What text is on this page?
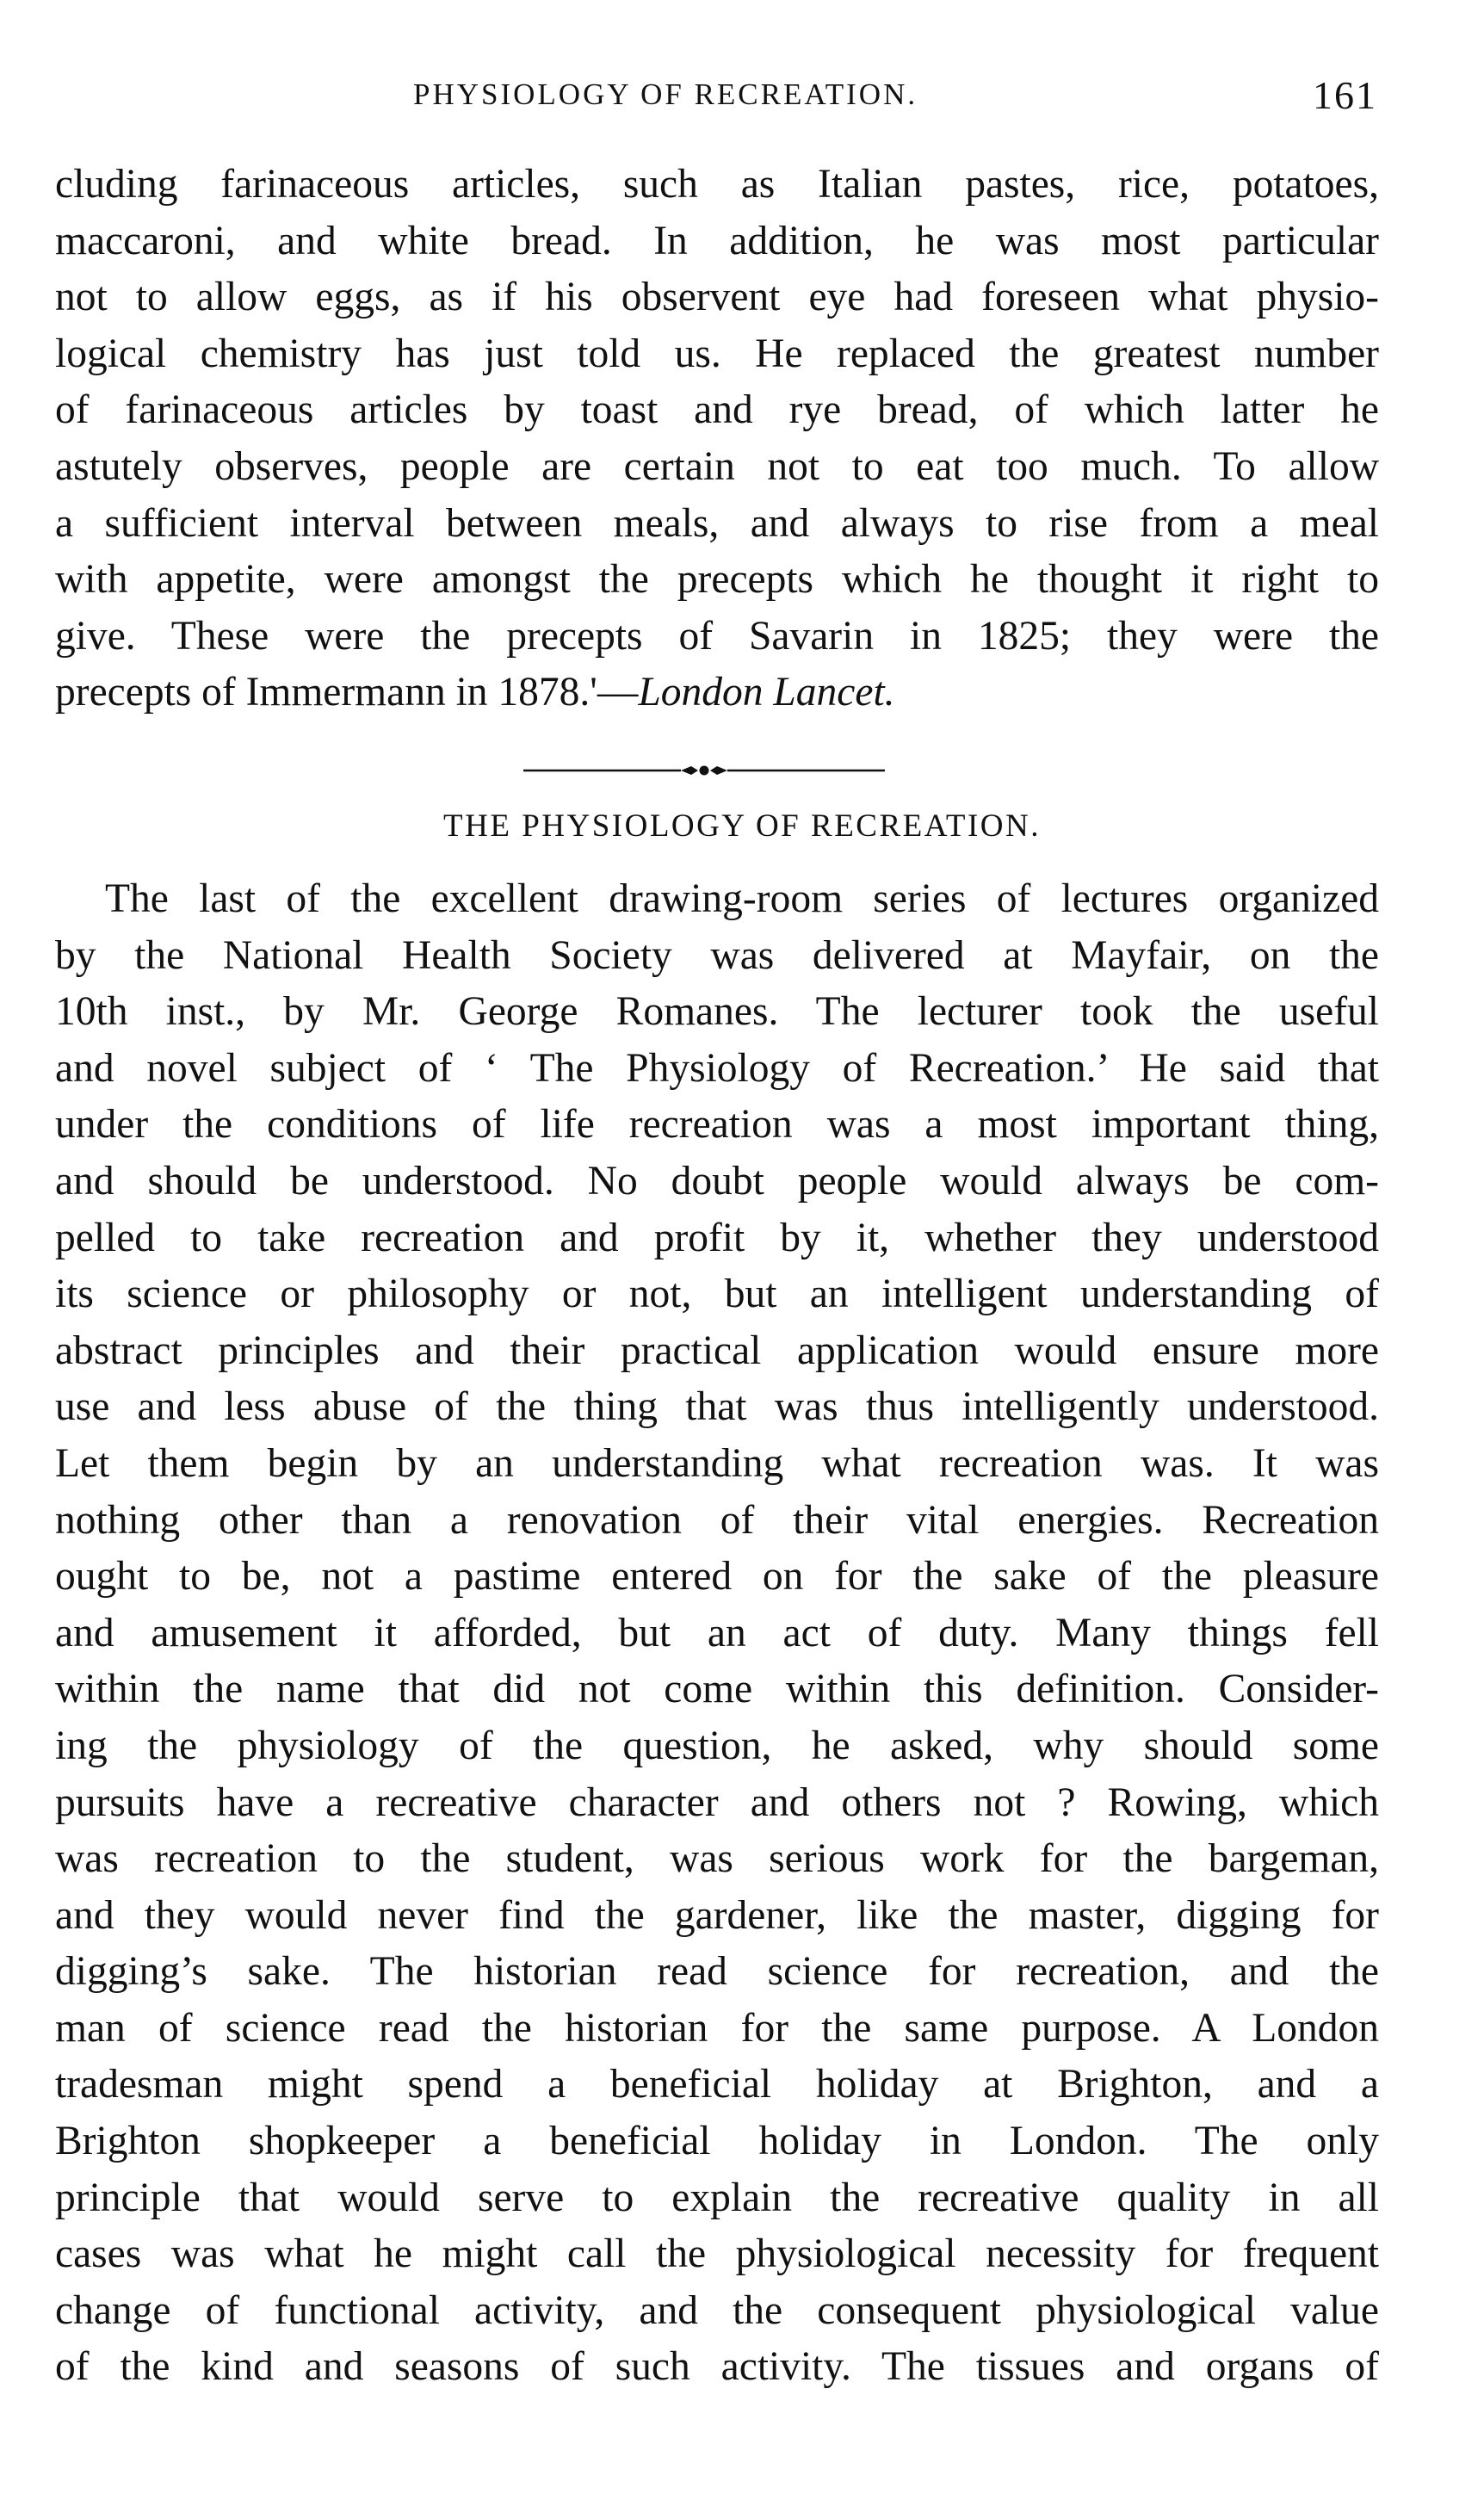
PHYSIOLOGY OF RECREATION.	161
cluding farinaceous articles, such as Italian pastes, rice, potatoes,
maccaroni, and white bread. In addition, he was most particular
not to allow eggs, as if his observent eye had foreseen what physio-
logical chemistry has just told us. He replaced the greatest number
of farinaceous articles by toast and rye bread, of which latter he
astutely observes, people are certain not to eat too much. To allow
a sufficient interval between meals, and always to rise from a meal
with appetite, were amongst the precepts which he thought it right to
give. These were the precepts of Savarin in 1825; they were the
precepts of Immermann in 1878.'—London Lancet.
THE PHYSIOLOGY OF RECREATION.
The last of the excellent drawing-room series of lectures organized
by the National Health Society was delivered at Mayfair, on the
10th inst., by Mr. George Romanes. The lecturer took the useful
and novel subject of ‘ The Physiology of Recreation.’ He said that
under the conditions of life recreation was a most important thing,
and should be understood. No doubt people would always be com-
pelled to take recreation and profit by it, whether they understood
its science or philosophy or not, but an intelligent understanding of
abstract principles and their practical application would ensure more
use and less abuse of the thing that was thus intelligently understood.
Let them begin by an understanding what recreation was. It was
nothing other than a renovation of their vital energies. Recreation
ought to be, not a pastime entered on for the sake of the pleasure
and amusement it afforded, but an act of duty. Many things fell
within the name that did not come within this definition. Consider-
ing the physiology of the question, he asked, why should some
pursuits have a recreative character and others not ? Rowing, which
was recreation to the student, was serious work for the bargeman,
and they would never find the gardener, like the master, digging for
digging’s sake. The historian read science for recreation, and the
man of science read the historian for the same purpose. A London
tradesman might spend a beneficial holiday at Brighton, and a
Brighton shopkeeper a beneficial holiday in London. The only
principle that would serve to explain the recreative quality in all
cases was what he might call the physiological necessity for frequent
change of functional activity, and the consequent physiological value
of the kind and seasons of such activity. The tissues and organs of
